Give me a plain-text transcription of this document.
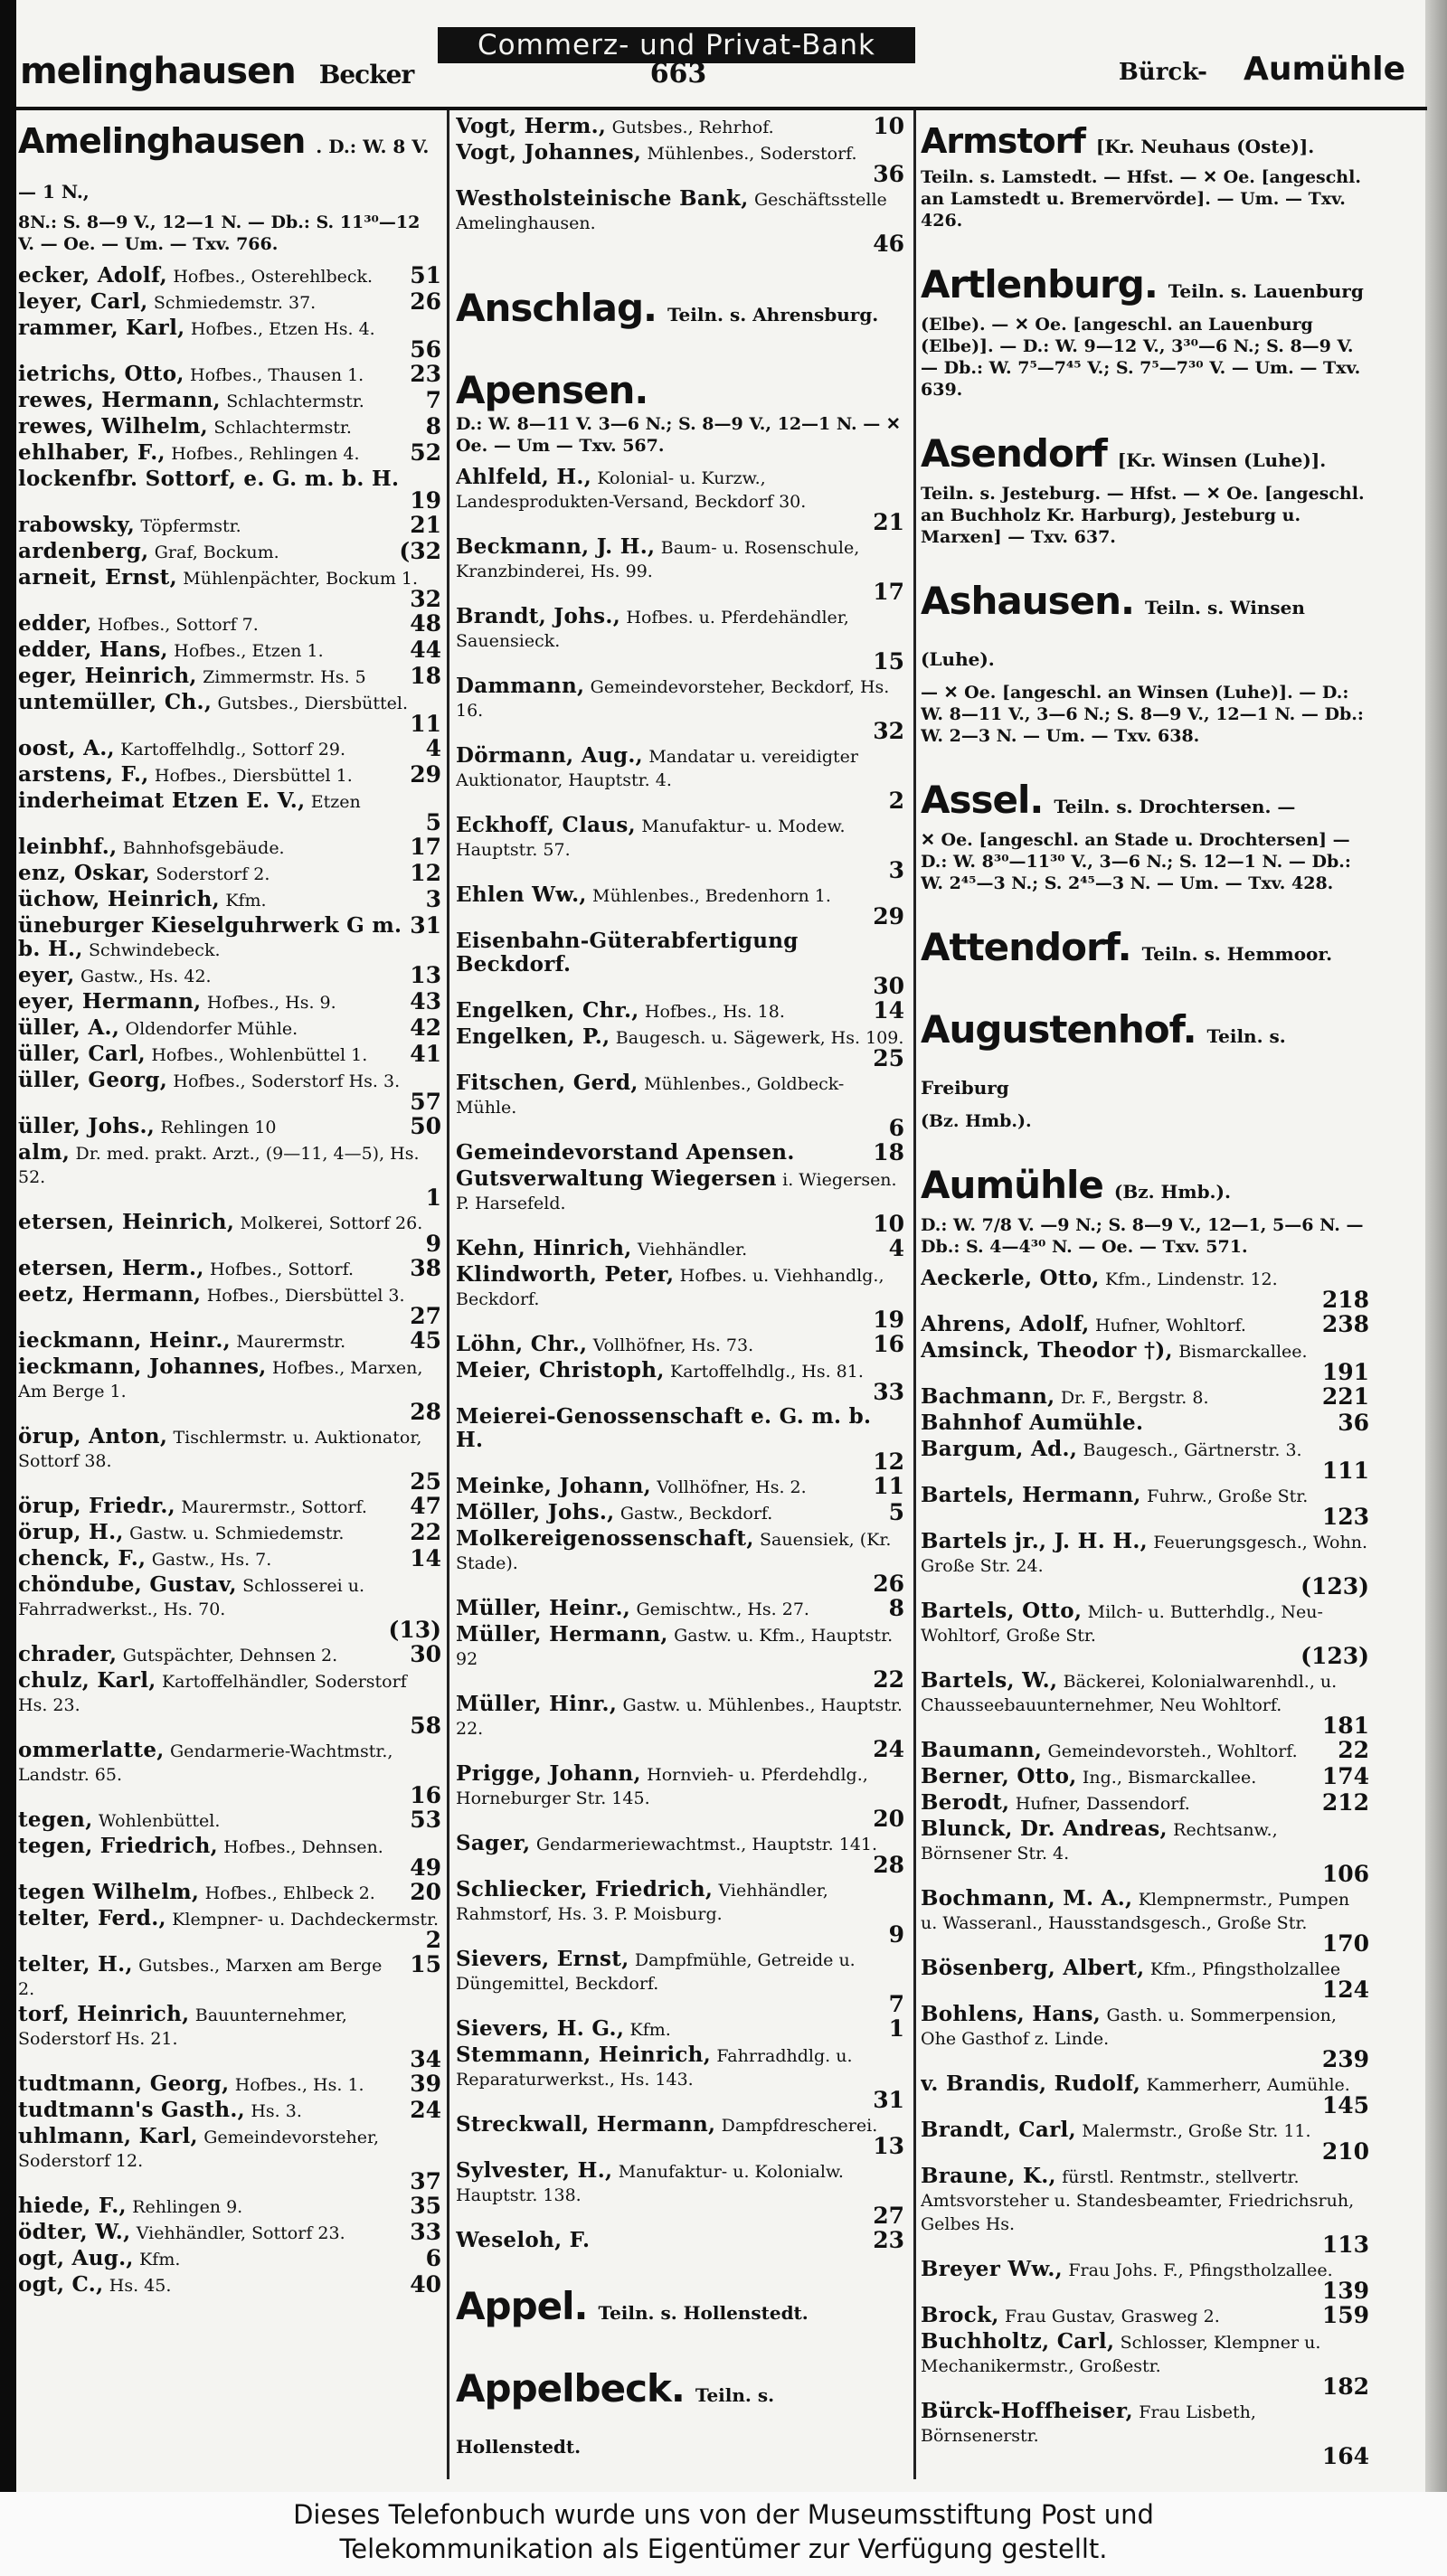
melinghausen Becker
Commerz- und Privat-Bank
663	Bürck- Aumühle
Amelinghausen . D.: W. 8 V. — 1 N.,
8N.: S. 8—9 V., 12—1 N. — Db.: S. 11³⁰—12 V. — Oe. — Um. — Txv. 766.
51
ecker, Adolf, Hofbes., Osterehlbeck.
26
leyer, Carl, Schmiedemstr. 37.
rammer, Karl, Hofbes., Etzen Hs. 4.
56
23
ietrichs, Otto, Hofbes., Thausen 1.
7
rewes, Hermann, Schlachtermstr.
8
rewes, Wilhelm, Schlachtermstr.
52
ehlhaber, F., Hofbes., Rehlingen 4.
lockenfbr. Sottorf, e. G. m. b. H.
19
21
rabowsky, Töpfermstr.
(32
ardenberg, Graf, Bockum.
arneit, Ernst, Mühlenpächter, Bockum 1.
32
48
edder, Hofbes., Sottorf 7.
44
edder, Hans, Hofbes., Etzen 1.
18
eger, Heinrich, Zimmermstr. Hs. 5
untemüller, Ch., Gutsbes., Diersbüttel.
11
4
oost, A., Kartoffelhdlg., Sottorf 29.
29
arstens, F., Hofbes., Diersbüttel 1.
inderheimat Etzen E. V., Etzen
5
17
leinbhf., Bahnhofsgebäude.
12
enz, Oskar, Soderstorf 2.
3
üchow, Heinrich, Kfm.
31
üneburger Kieselguhrwerk G m. b. H., Schwindebeck.
13
eyer, Gastw., Hs. 42.
43
eyer, Hermann, Hofbes., Hs. 9.
42
üller, A., Oldendorfer Mühle.
41
üller, Carl, Hofbes., Wohlenbüttel 1.
üller, Georg, Hofbes., Soderstorf Hs. 3.
57
50
üller, Johs., Rehlingen 10
alm, Dr. med. prakt. Arzt., (9—11, 4—5), Hs. 52.
1
etersen, Heinrich, Molkerei, Sottorf 26.
9
38
etersen, Herm., Hofbes., Sottorf.
eetz, Hermann, Hofbes., Diersbüttel 3.
27
45
ieckmann, Heinr., Maurermstr.
ieckmann, Johannes, Hofbes., Marxen, Am Berge 1.
28
örup, Anton, Tischlermstr. u. Auktionator, Sottorf 38.
25
47
örup, Friedr., Maurermstr., Sottorf.
22
örup, H., Gastw. u. Schmiedemstr.
14
chenck, F., Gastw., Hs. 7.
chöndube, Gustav, Schlosserei u. Fahrradwerkst., Hs. 70.
(13)
30
chrader, Gutspächter, Dehnsen 2.
chulz, Karl, Kartoffelhändler, Soderstorf Hs. 23.
58
ommerlatte, Gendarmerie-Wachtmstr., Landstr. 65.
16
53
tegen, Wohlenbüttel.
tegen, Friedrich, Hofbes., Dehnsen.
49
20
tegen Wilhelm, Hofbes., Ehlbeck 2.
telter, Ferd., Klempner- u. Dachdeckermstr.
2
15
telter, H., Gutsbes., Marxen am Berge 2.
torf, Heinrich, Bauunternehmer, Soderstorf Hs. 21.
34
39
tudtmann, Georg, Hofbes., Hs. 1.
24
tudtmann's Gasth., Hs. 3.
uhlmann, Karl, Gemeindevorsteher, Soderstorf 12.
37
35
hiede, F., Rehlingen 9.
33
ödter, W., Viehhändler, Sottorf 23.
6
ogt, Aug., Kfm.
40
ogt, C., Hs. 45.
10
Vogt, Herm., Gutsbes., Rehrhof.
Vogt, Johannes, Mühlenbes., Soderstorf.
36
Westholsteinische Bank, Geschäftsstelle Amelinghausen.
46
Anschlag. Teiln. s. Ahrensburg.
Apensen.
D.: W. 8—11 V. 3—6 N.; S. 8—9 V., 12—1 N. — ✕ Oe. — Um — Txv. 567.
Ahlfeld, H., Kolonial- u. Kurzw., Landesprodukten-Versand, Beckdorf 30.
21
Beckmann, J. H., Baum- u. Rosenschule, Kranzbinderei, Hs. 99.
17
Brandt, Johs., Hofbes. u. Pferdehändler, Sauensieck.
15
Dammann, Gemeindevorsteher, Beckdorf, Hs. 16.
32
Dörmann, Aug., Mandatar u. vereidigter Auktionator, Hauptstr. 4.
2
Eckhoff, Claus, Manufaktur- u. Modew. Hauptstr. 57.
3
Ehlen Ww., Mühlenbes., Bredenhorn 1.
29
Eisenbahn-Güterabfertigung Beckdorf.
30
14
Engelken, Chr., Hofbes., Hs. 18.
Engelken, P., Baugesch. u. Sägewerk, Hs. 109.
25
Fitschen, Gerd, Mühlenbes., Goldbeck-Mühle.
6
18
Gemeindevorstand Apensen.
Gutsverwaltung Wiegersen i. Wiegersen. P. Harsefeld.
10
4
Kehn, Hinrich, Viehhändler.
Klindworth, Peter, Hofbes. u. Viehhandlg., Beckdorf.
19
16
Löhn, Chr., Vollhöfner, Hs. 73.
Meier, Christoph, Kartoffelhdlg., Hs. 81.
33
Meierei-Genossenschaft e. G. m. b. H.
12
11
Meinke, Johann, Vollhöfner, Hs. 2.
5
Möller, Johs., Gastw., Beckdorf.
Molkereigenossenschaft, Sauensiek, (Kr. Stade).
26
8
Müller, Heinr., Gemischtw., Hs. 27.
Müller, Hermann, Gastw. u. Kfm., Hauptstr. 92
22
Müller, Hinr., Gastw. u. Mühlenbes., Hauptstr. 22.
24
Prigge, Johann, Hornvieh- u. Pferdehdlg., Horneburger Str. 145.
20
Sager, Gendarmeriewachtmst., Hauptstr. 141.
28
Schliecker, Friedrich, Viehhändler, Rahmstorf, Hs. 3. P. Moisburg.
9
Sievers, Ernst, Dampfmühle, Getreide u. Düngemittel, Beckdorf.
7
1
Sievers, H. G., Kfm.
Stemmann, Heinrich, Fahrradhdlg. u. Reparaturwerkst., Hs. 143.
31
Streckwall, Hermann, Dampfdrescherei.
13
Sylvester, H., Manufaktur- u. Kolonialw. Hauptstr. 138.
27
23
Weseloh, F.
Appel. Teiln. s. Hollenstedt.
Appelbeck. Teiln. s. Hollenstedt.
Armstorf [Kr. Neuhaus (Oste)].
Teiln. s. Lamstedt. — Hfst. — ✕ Oe. [angeschl. an Lamstedt u. Bremervörde]. — Um. — Txv. 426.
Artlenburg. Teiln. s. Lauenburg
(Elbe). — ✕ Oe. [angeschl. an Lauenburg (Elbe)]. — D.: W. 9—12 V., 3³⁰—6 N.; S. 8—9 V. — Db.: W. 7⁵—7⁴⁵ V.; S. 7⁵—7³⁰ V. — Um. — Txv. 639.
Asendorf [Kr. Winsen (Luhe)].
Teiln. s. Jesteburg. — Hfst. — ✕ Oe. [angeschl. an Buchholz Kr. Harburg), Jesteburg u. Marxen] — Txv. 637.
Ashausen. Teiln. s. Winsen (Luhe).
— ✕ Oe. [angeschl. an Winsen (Luhe)]. — D.: W. 8—11 V., 3—6 N.; S. 8—9 V., 12—1 N. — Db.: W. 2—3 N. — Um. — Txv. 638.
Assel. Teiln. s. Drochtersen. —
✕ Oe. [angeschl. an Stade u. Drochtersen] — D.: W. 8³⁰—11³⁰ V., 3—6 N.; S. 12—1 N. — Db.: W. 2⁴⁵—3 N.; S. 2⁴⁵—3 N. — Um. — Txv. 428.
Attendorf. Teiln. s. Hemmoor.
Augustenhof. Teiln. s. Freiburg
(Bz. Hmb.).
Aumühle (Bz. Hmb.).
D.: W. 7/8 V. —9 N.; S. 8—9 V., 12—1, 5—6 N. — Db.: S. 4—4³⁰ N. — Oe. — Txv. 571.
Aeckerle, Otto, Kfm., Lindenstr. 12.
218
238
Ahrens, Adolf, Hufner, Wohltorf.
Amsinck, Theodor †), Bismarckallee.
191
221
Bachmann, Dr. F., Bergstr. 8.
36
Bahnhof Aumühle.
Bargum, Ad., Baugesch., Gärtnerstr. 3.
111
Bartels, Hermann, Fuhrw., Große Str.
123
Bartels jr., J. H. H., Feuerungsgesch., Wohn. Große Str. 24.
(123)
Bartels, Otto, Milch- u. Butterhdlg., Neu-Wohltorf, Große Str.
(123)
Bartels, W., Bäckerei, Kolonialwarenhdl., u. Chausseebauunternehmer, Neu Wohltorf.
181
22
Baumann, Gemeindevorsteh., Wohltorf.
174
Berner, Otto, Ing., Bismarckallee.
212
Berodt, Hufner, Dassendorf.
Blunck, Dr. Andreas, Rechtsanw., Börnsener Str. 4.
106
Bochmann, M. A., Klempnermstr., Pumpen u. Wasseranl., Hausstandsgesch., Große Str.
170
Bösenberg, Albert, Kfm., Pfingstholzallee
124
Bohlens, Hans, Gasth. u. Sommerpension, Ohe Gasthof z. Linde.
239
v. Brandis, Rudolf, Kammerherr, Aumühle.
145
Brandt, Carl, Malermstr., Große Str. 11.
210
Braune, K., fürstl. Rentmstr., stellvertr. Amtsvorsteher u. Standesbeamter, Friedrichsruh, Gelbes Hs.
113
Breyer Ww., Frau Johs. F., Pfingstholzallee.
139
159
Brock, Frau Gustav, Grasweg 2.
Buchholtz, Carl, Schlosser, Klempner u. Mechanikermstr., Großestr.
182
Bürck-Hoffheiser, Frau Lisbeth, Börnsenerstr.
164
Dieses Telefonbuch wurde uns von der Museumsstiftung Post und
Telekommunikation als Eigentümer zur Verfügung gestellt.
